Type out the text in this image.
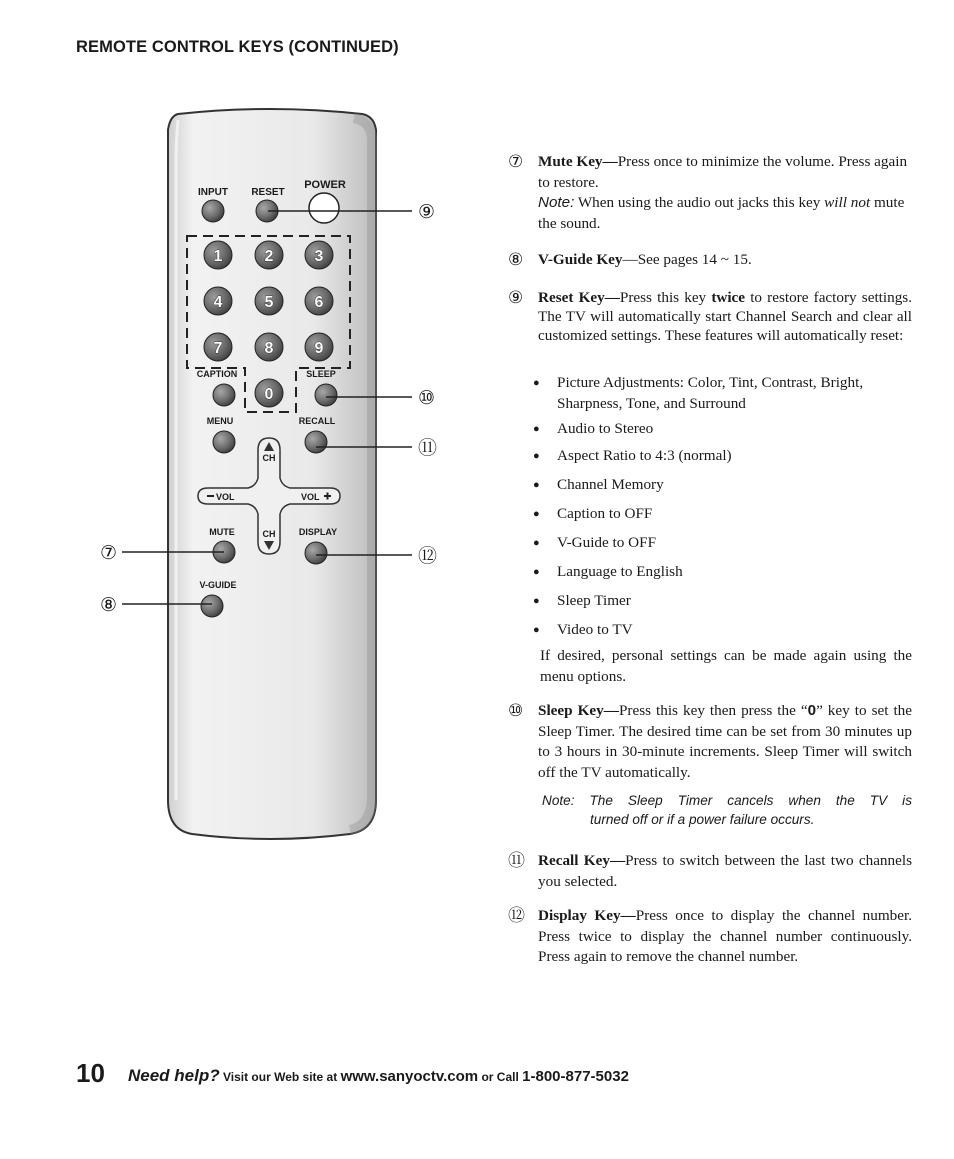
REMOTE CONTROL KEYS (CONTINUED)
INPUT RESET
POWER
1	2	3
4	5	6
7	8	9
0
CAPTION	SLEEP
MENU	RECALL
CH
CH
VOL	VOL
MUTE	DISPLAY
V-GUIDE
⑨
⑩
⑪
⑫
⑦
⑧
⑦ Mute Key—Press once to minimize the volume. Press again to restore.
Note: When using the audio out jacks this key will not mute the sound.
⑧ V-Guide Key—See pages 14 ~ 15.
⑨ Reset Key—Press this key twice to restore factory settings. The TV will automatically start Channel Search and clear all customized settings. These features will automatically reset:
● Picture Adjustments: Color, Tint, Contrast, Bright, Sharpness, Tone, and Surround
● Audio to Stereo
● Aspect Ratio to 4:3 (normal)
● Channel Memory
● Caption to OFF
● V-Guide to OFF
● Language to English
● Sleep Timer
● Video to TV
If desired, personal settings can be made again using the menu options.
⑩ Sleep Key—Press this key then press the “0” key to set the Sleep Timer. The desired time can be set from 30 minutes up to 3 hours in 30-minute increments. Sleep Timer will switch off the TV automatically.
Note: The Sleep Timer cancels when the TV is
turned off or if a power failure occurs.
⑪ Recall Key—Press to switch between the last two channels you selected.
⑫ Display Key—Press once to display the channel number. Press twice to display the channel number continuously. Press again to remove the channel number.
10 Need help? Visit our Web site at www.sanyoctv.com or Call 1-800-877-5032
